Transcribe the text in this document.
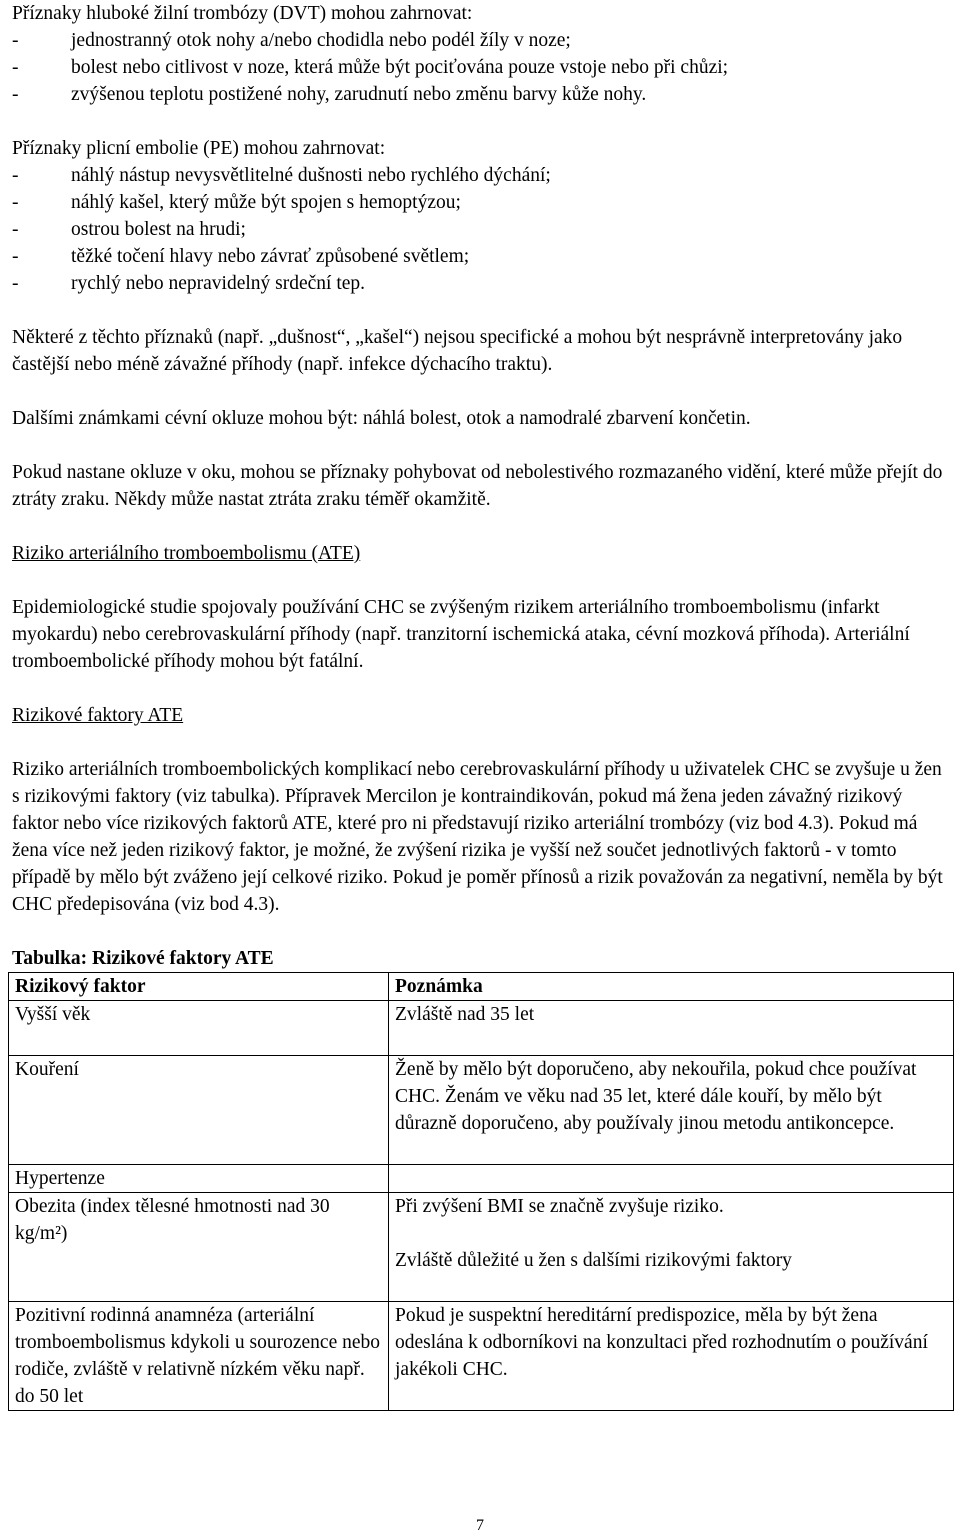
Příznaky hluboké žilní trombózy (DVT) mohou zahrnovat:

-	jednostranný otok nohy a/nebo chodidla nebo podél žíly v noze;
-	bolest nebo citlivost v noze, která může být pociťována pouze vstoje nebo při chůzi;
-	zvýšenou teplotu postižené nohy, zarudnutí nebo změnu barvy kůže nohy.

Příznaky plicní embolie (PE) mohou zahrnovat:

-	náhlý nástup nevysvětlitelné dušnosti nebo rychlého dýchání;
-	náhlý kašel, který může být spojen s hemoptýzou;
-	ostrou bolest na hrudi;
-	těžké točení hlavy nebo závrať způsobené světlem;
-	rychlý nebo nepravidelný srdeční tep.

Některé z těchto příznaků (např. „dušnost“, „kašel“) nejsou specifické a mohou být nesprávně interpretovány jako častější nebo méně závažné příhody (např. infekce dýchacího traktu).

Dalšími známkami cévní okluze mohou být: náhlá bolest, otok a namodralé zbarvení končetin.

Pokud nastane okluze v oku, mohou se příznaky pohybovat od nebolestivého rozmazaného vidění, které může přejít do ztráty zraku. Někdy může nastat ztráta zraku téměř okamžitě.

Riziko arteriálního tromboembolismu (ATE)

Epidemiologické studie spojovaly používání CHC se zvýšeným rizikem arteriálního tromboembolismu (infarkt myokardu) nebo cerebrovaskulární příhody (např. tranzitorní ischemická ataka, cévní mozková příhoda). Arteriální tromboembolické příhody mohou být fatální.

Rizikové faktory ATE

Riziko arteriálních tromboembolických komplikací nebo cerebrovaskulární příhody u uživatelek CHC se zvyšuje u žen s rizikovými faktory (viz tabulka). Přípravek Mercilon je kontraindikován, pokud má žena jeden závažný rizikový faktor nebo více rizikových faktorů ATE, které pro ni představují riziko arteriální trombózy (viz bod 4.3). Pokud má žena více než jeden rizikový faktor, je možné, že zvýšení rizika je vyšší než součet jednotlivých faktorů - v tomto případě by mělo být zváženo její celkové riziko. Pokud je poměr přínosů a rizik považován za negativní, neměla by být CHC předepisována (viz bod 4.3).

Tabulka: Rizikové faktory ATE

Rizikový faktor	Poznámka
Vyšší věk	Zvláště nad 35 let

Kouření	Ženě by mělo být doporučeno, aby nekouřila, pokud chce používat CHC. Ženám ve věku nad 35 let, které dále kouří, by mělo být důrazně doporučeno, aby používaly jinou metodu antikoncepce.

Hypertenze	

Obezita (index tělesné hmotnosti nad 30 kg/m²)	Při zvýšení BMI se značně zvyšuje riziko.
Zvláště důležité u žen s dalšími rizikovými faktory

Pozitivní rodinná anamnéza (arteriální tromboembolismus kdykoli u sourozence nebo rodiče, zvláště v relativně nízkém věku např. do 50 let	Pokud je suspektní hereditární predispozice, měla by být žena odeslána k odborníkovi na konzultaci před rozhodnutím o používání jakékoli CHC.
7
